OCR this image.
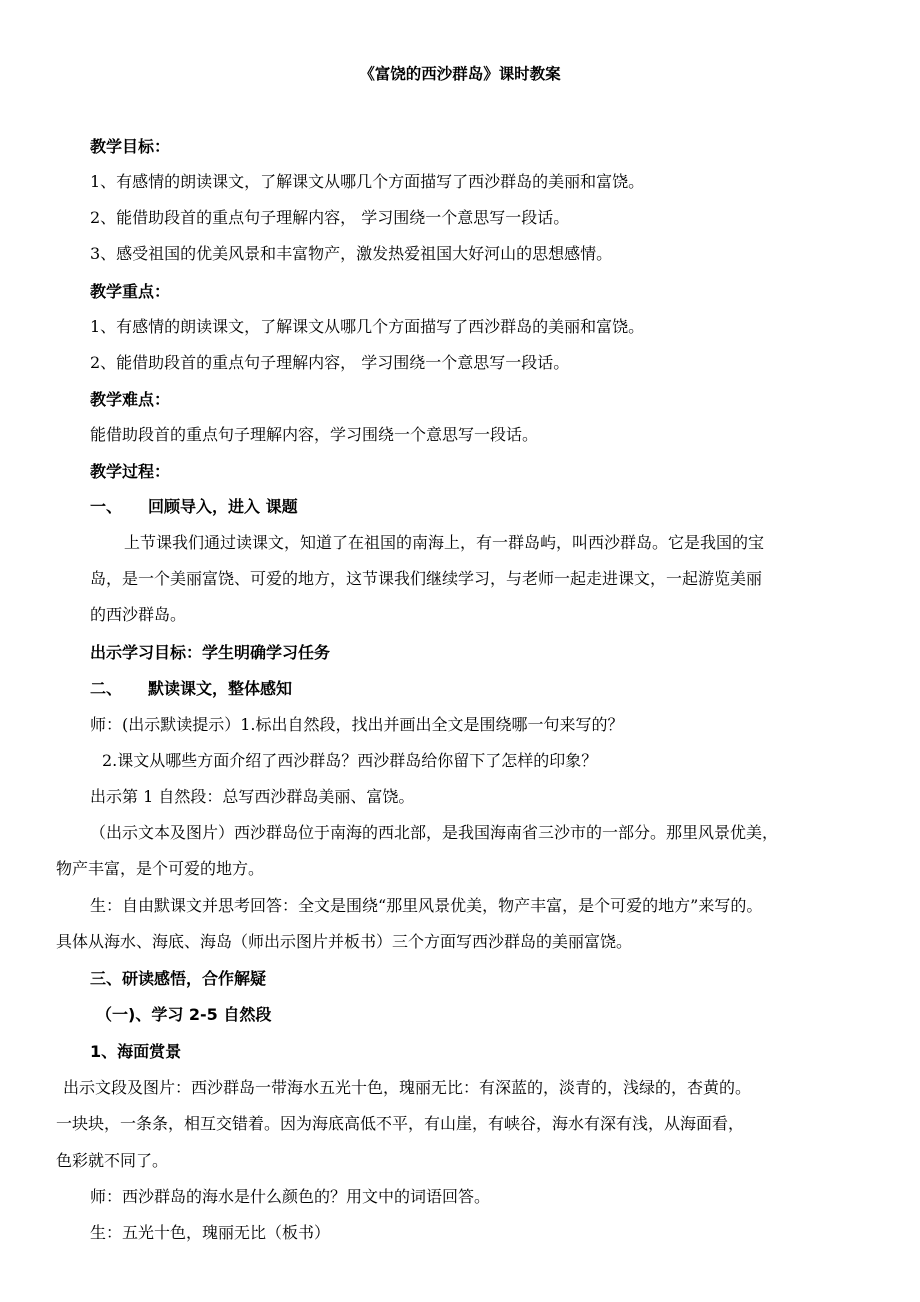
《富饶的西沙群岛》课时教案
教学目标：
1、有感情的朗读课文，了解课文从哪几个方面描写了西沙群岛的美丽和富饶。
2、能借助段首的重点句子理解内容， 学习围绕一个意思写一段话。
3、感受祖国的优美风景和丰富物产，激发热爱祖国大好河山的思想感情。
教学重点：
1、有感情的朗读课文，了解课文从哪几个方面描写了西沙群岛的美丽和富饶。
2、能借助段首的重点句子理解内容， 学习围绕一个意思写一段话。
教学难点：
能借助段首的重点句子理解内容，学习围绕一个意思写一段话。
教学过程：
一、 回顾导入，进入 课题
上节课我们通过读课文，知道了在祖国的南海上，有一群岛屿，叫西沙群岛。它是我国的宝
岛，是一个美丽富饶、可爱的地方，这节课我们继续学习，与老师一起走进课文，一起游览美丽
的西沙群岛。
出示学习目标：学生明确学习任务
二、 默读课文，整体感知
师：(出示默读提示）1.标出自然段，找出并画出全文是围绕哪一句来写的？
2.课文从哪些方面介绍了西沙群岛？西沙群岛给你留下了怎样的印象？
出示第 1 自然段：总写西沙群岛美丽、富饶。
（出示文本及图片）西沙群岛位于南海的西北部，是我国海南省三沙市的一部分。那里风景优美，
物产丰富，是个可爱的地方。
生：自由默课文并思考回答：全文是围绕“那里风景优美，物产丰富，是个可爱的地方”来写的。
具体从海水、海底、海岛（师出示图片并板书）三个方面写西沙群岛的美丽富饶。
三、研读感悟，合作解疑
（一)、学习 2-5 自然段
1、海面赏景
出示文段及图片：西沙群岛一带海水五光十色，瑰丽无比：有深蓝的，淡青的，浅绿的，杏黄的。
一块块，一条条，相互交错着。因为海底高低不平，有山崖，有峡谷，海水有深有浅，从海面看，
色彩就不同了。
师：西沙群岛的海水是什么颜色的？用文中的词语回答。
生：五光十色，瑰丽无比（板书）
